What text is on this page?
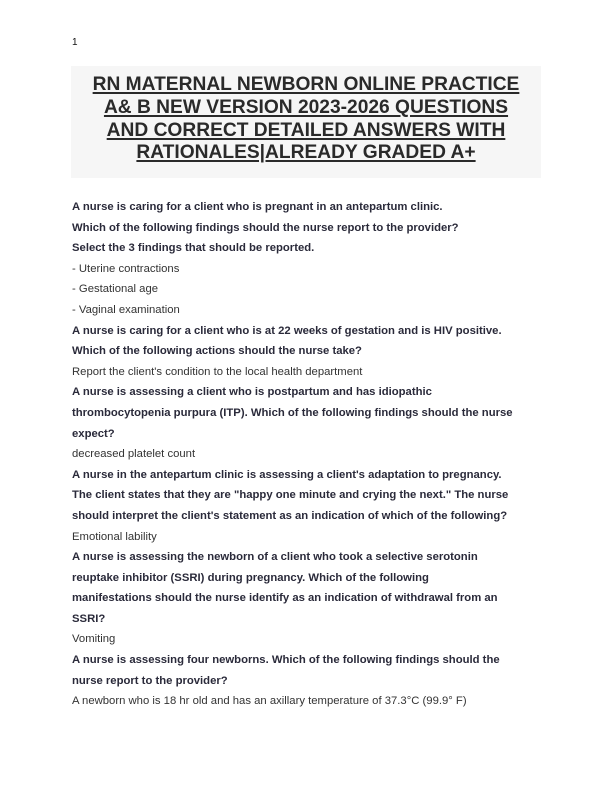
1
RN MATERNAL NEWBORN ONLINE PRACTICE
A& B NEW VERSION 2023-2026 QUESTIONS
AND CORRECT DETAILED ANSWERS WITH
RATIONALES|ALREADY GRADED A+
A nurse is caring for a client who is pregnant in an antepartum clinic.
Which of the following findings should the nurse report to the provider?
Select the 3 findings that should be reported.
- Uterine contractions
- Gestational age
- Vaginal examination
A nurse is caring for a client who is at 22 weeks of gestation and is HIV positive.
Which of the following actions should the nurse take?
Report the client's condition to the local health department
A nurse is assessing a client who is postpartum and has idiopathic
thrombocytopenia purpura (ITP). Which of the following findings should the nurse
expect?
decreased platelet count
A nurse in the antepartum clinic is assessing a client's adaptation to pregnancy.
The client states that they are "happy one minute and crying the next." The nurse
should interpret the client's statement as an indication of which of the following?
Emotional lability
A nurse is assessing the newborn of a client who took a selective serotonin
reuptake inhibitor (SSRI) during pregnancy. Which of the following
manifestations should the nurse identify as an indication of withdrawal from an
SSRI?
Vomiting
A nurse is assessing four newborns. Which of the following findings should the
nurse report to the provider?
A newborn who is 18 hr old and has an axillary temperature of 37.3°C (99.9° F)
